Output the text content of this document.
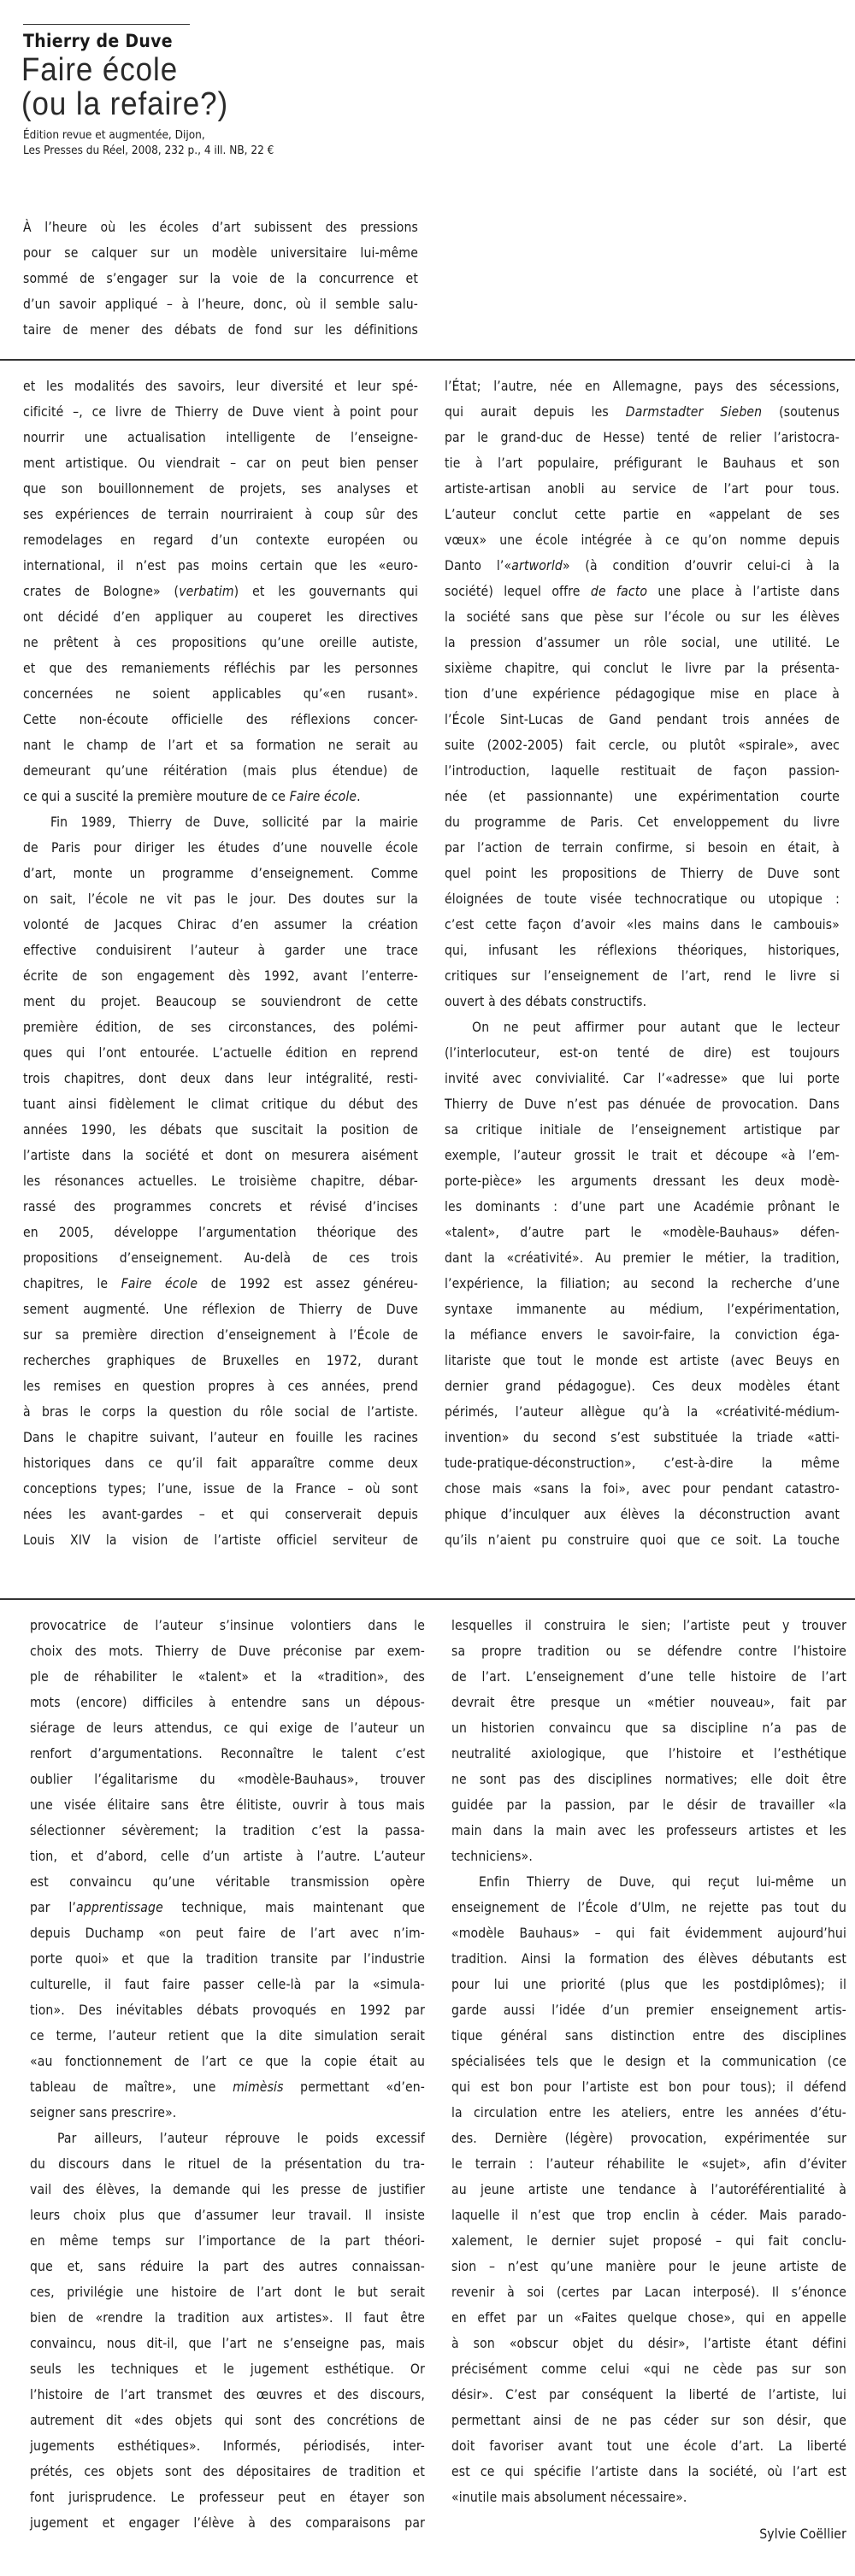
Thierry de Duve
Faire école
(ou la refaire?)
Édition revue et augmentée, Dijon,
Les Presses du Réel, 2008, 232 p., 4 ill. NB, 22 €
À l’heure où les écoles d’art subissent des pressions
pour se calquer sur un modèle universitaire lui-même
sommé de s’engager sur la voie de la concurrence et
d’un savoir appliqué – à l’heure, donc, où il semble salu-
taire de mener des débats de fond sur les définitions
et les modalités des savoirs, leur diversité et leur spé-
cificité –, ce livre de Thierry de Duve vient à point pour
nourrir une actualisation intelligente de l’enseigne-
ment artistique. Ou viendrait – car on peut bien penser
que son bouillonnement de projets, ses analyses et
ses expériences de terrain nourriraient à coup sûr des
remodelages en regard d’un contexte européen ou
international, il n’est pas moins certain que les «euro-
crates de Bologne» (verbatim) et les gouvernants qui
ont décidé d’en appliquer au couperet les directives
ne prêtent à ces propositions qu’une oreille autiste,
et que des remaniements réfléchis par les personnes
concernées ne soient applicables qu’«en rusant».
Cette non-écoute officielle des réflexions concer-
nant le champ de l’art et sa formation ne serait au
demeurant qu’une réitération (mais plus étendue) de
ce qui a suscité la première mouture de ce Faire école.
Fin 1989, Thierry de Duve, sollicité par la mairie
de Paris pour diriger les études d’une nouvelle école
d’art, monte un programme d’enseignement. Comme
on sait, l’école ne vit pas le jour. Des doutes sur la
volonté de Jacques Chirac d’en assumer la création
effective conduisirent l’auteur à garder une trace
écrite de son engagement dès 1992, avant l’enterre-
ment du projet. Beaucoup se souviendront de cette
première édition, de ses circonstances, des polémi-
ques qui l’ont entourée. L’actuelle édition en reprend
trois chapitres, dont deux dans leur intégralité, resti-
tuant ainsi fidèlement le climat critique du début des
années 1990, les débats que suscitait la position de
l’artiste dans la société et dont on mesurera aisément
les résonances actuelles. Le troisième chapitre, débar-
rassé des programmes concrets et révisé d’incises
en 2005, développe l’argumentation théorique des
propositions d’enseignement. Au-delà de ces trois
chapitres, le Faire école de 1992 est assez généreu-
sement augmenté. Une réflexion de Thierry de Duve
sur sa première direction d’enseignement à l’École de
recherches graphiques de Bruxelles en 1972, durant
les remises en question propres à ces années, prend
à bras le corps la question du rôle social de l’artiste.
Dans le chapitre suivant, l’auteur en fouille les racines
historiques dans ce qu’il fait apparaître comme deux
conceptions types; l’une, issue de la France – où sont
nées les avant-gardes – et qui conserverait depuis
Louis XIV la vision de l’artiste officiel serviteur de
l’État; l’autre, née en Allemagne, pays des sécessions,
qui aurait depuis les Darmstadter Sieben (soutenus
par le grand-duc de Hesse) tenté de relier l’aristocra-
tie à l’art populaire, préfigurant le Bauhaus et son
artiste-artisan anobli au service de l’art pour tous.
L’auteur conclut cette partie en «appelant de ses
vœux» une école intégrée à ce qu’on nomme depuis
Danto l’«artworld» (à condition d’ouvrir celui-ci à la
société) lequel offre de facto une place à l’artiste dans
la société sans que pèse sur l’école ou sur les élèves
la pression d’assumer un rôle social, une utilité. Le
sixième chapitre, qui conclut le livre par la présenta-
tion d’une expérience pédagogique mise en place à
l’École Sint-Lucas de Gand pendant trois années de
suite (2002-2005) fait cercle, ou plutôt «spirale», avec
l’introduction, laquelle restituait de façon passion-
née (et passionnante) une expérimentation courte
du programme de Paris. Cet enveloppement du livre
par l’action de terrain confirme, si besoin en était, à
quel point les propositions de Thierry de Duve sont
éloignées de toute visée technocratique ou utopique :
c’est cette façon d’avoir «les mains dans le cambouis»
qui, infusant les réflexions théoriques, historiques,
critiques sur l’enseignement de l’art, rend le livre si
ouvert à des débats constructifs.
On ne peut affirmer pour autant que le lecteur
(l’interlocuteur, est-on tenté de dire) est toujours
invité avec convivialité. Car l’«adresse» que lui porte
Thierry de Duve n’est pas dénuée de provocation. Dans
sa critique initiale de l’enseignement artistique par
exemple, l’auteur grossit le trait et découpe «à l’em-
porte-pièce» les arguments dressant les deux modè-
les dominants : d’une part une Académie prônant le
«talent», d’autre part le «modèle-Bauhaus» défen-
dant la «créativité». Au premier le métier, la tradition,
l’expérience, la filiation; au second la recherche d’une
syntaxe immanente au médium, l’expérimentation,
la méfiance envers le savoir-faire, la conviction éga-
litariste que tout le monde est artiste (avec Beuys en
dernier grand pédagogue). Ces deux modèles étant
périmés, l’auteur allègue qu’à la «créativité-médium-
invention» du second s’est substituée la triade «atti-
tude-pratique-déconstruction», c’est-à-dire la même
chose mais «sans la foi», avec pour pendant catastro-
phique d’inculquer aux élèves la déconstruction avant
qu’ils n’aient pu construire quoi que ce soit. La touche
provocatrice de l’auteur s’insinue volontiers dans le
choix des mots. Thierry de Duve préconise par exem-
ple de réhabiliter le «talent» et la «tradition», des
mots (encore) difficiles à entendre sans un dépous-
siérage de leurs attendus, ce qui exige de l’auteur un
renfort d’argumentations. Reconnaître le talent c’est
oublier l’égalitarisme du «modèle-Bauhaus», trouver
une visée élitaire sans être élitiste, ouvrir à tous mais
sélectionner sévèrement; la tradition c’est la passa-
tion, et d’abord, celle d’un artiste à l’autre. L’auteur
est convaincu qu’une véritable transmission opère
par l’apprentissage technique, mais maintenant que
depuis Duchamp «on peut faire de l’art avec n’im-
porte quoi» et que la tradition transite par l’industrie
culturelle, il faut faire passer celle-là par la «simula-
tion». Des inévitables débats provoqués en 1992 par
ce terme, l’auteur retient que la dite simulation serait
«au fonctionnement de l’art ce que la copie était au
tableau de maître», une mimèsis permettant «d’en-
seigner sans prescrire».
Par ailleurs, l’auteur réprouve le poids excessif
du discours dans le rituel de la présentation du tra-
vail des élèves, la demande qui les presse de justifier
leurs choix plus que d’assumer leur travail. Il insiste
en même temps sur l’importance de la part théori-
que et, sans réduire la part des autres connaissan-
ces, privilégie une histoire de l’art dont le but serait
bien de «rendre la tradition aux artistes». Il faut être
convaincu, nous dit-il, que l’art ne s’enseigne pas, mais
seuls les techniques et le jugement esthétique. Or
l’histoire de l’art transmet des œuvres et des discours,
autrement dit «des objets qui sont des concrétions de
jugements esthétiques». Informés, périodisés, inter-
prétés, ces objets sont des dépositaires de tradition et
font jurisprudence. Le professeur peut en étayer son
jugement et engager l’élève à des comparaisons par
lesquelles il construira le sien; l’artiste peut y trouver
sa propre tradition ou se défendre contre l’histoire
de l’art. L’enseignement d’une telle histoire de l’art
devrait être presque un «métier nouveau», fait par
un historien convaincu que sa discipline n’a pas de
neutralité axiologique, que l’histoire et l’esthétique
ne sont pas des disciplines normatives; elle doit être
guidée par la passion, par le désir de travailler «la
main dans la main avec les professeurs artistes et les
techniciens».
Enfin Thierry de Duve, qui reçut lui-même un
enseignement de l’École d’Ulm, ne rejette pas tout du
«modèle Bauhaus» – qui fait évidemment aujourd’hui
tradition. Ainsi la formation des élèves débutants est
pour lui une priorité (plus que les postdiplômes); il
garde aussi l’idée d’un premier enseignement artis-
tique général sans distinction entre des disciplines
spécialisées tels que le design et la communication (ce
qui est bon pour l’artiste est bon pour tous); il défend
la circulation entre les ateliers, entre les années d’étu-
des. Dernière (légère) provocation, expérimentée sur
le terrain : l’auteur réhabilite le «sujet», afin d’éviter
au jeune artiste une tendance à l’autoréférentialité à
laquelle il n’est que trop enclin à céder. Mais parado-
xalement, le dernier sujet proposé – qui fait conclu-
sion – n’est qu’une manière pour le jeune artiste de
revenir à soi (certes par Lacan interposé). Il s’énonce
en effet par un «Faites quelque chose», qui en appelle
à son «obscur objet du désir», l’artiste étant défini
précisément comme celui «qui ne cède pas sur son
désir». C’est par conséquent la liberté de l’artiste, lui
permettant ainsi de ne pas céder sur son désir, que
doit favoriser avant tout une école d’art. La liberté
est ce qui spécifie l’artiste dans la société, où l’art est
«inutile mais absolument nécessaire».
Sylvie Coëllier
